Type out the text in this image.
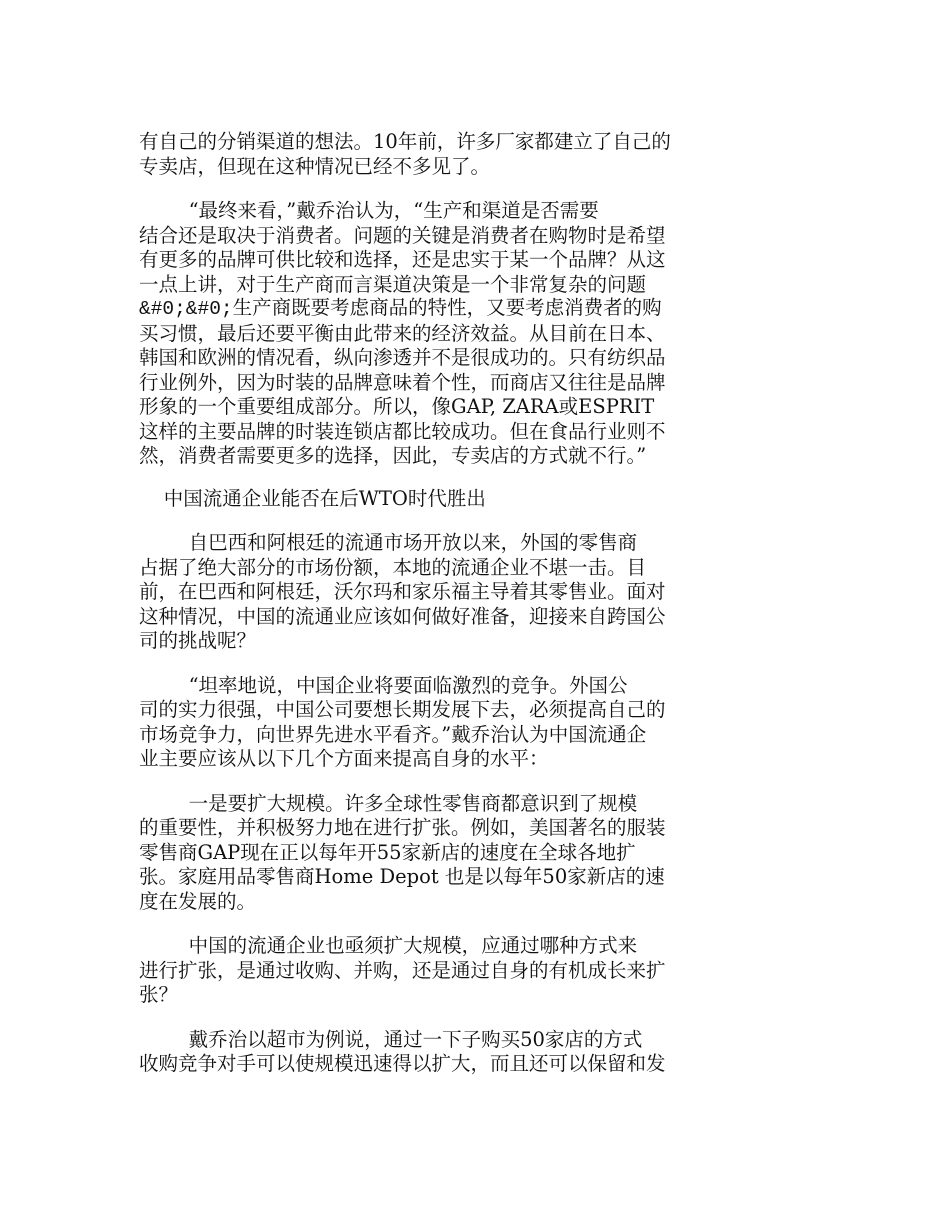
有自己的分销渠道的想法。10年前，许多厂家都建立了自己的
专卖店，但现在这种情况已经不多见了。

“最终来看，”戴乔治认为，“生产和渠道是否需要
结合还是取决于消费者。问题的关键是消费者在购物时是希望
有更多的品牌可供比较和选择，还是忠实于某一个品牌？从这
一点上讲，对于生产商而言渠道决策是一个非常复杂的问题
&#0;&#0;生产商既要考虑商品的特性，又要考虑消费者的购
买习惯，最后还要平衡由此带来的经济效益。从目前在日本、
韩国和欧洲的情况看，纵向渗透并不是很成功的。只有纺织品
行业例外，因为时装的品牌意味着个性，而商店又往往是品牌
形象的一个重要组成部分。所以，像GAP, ZARA或ESPRIT
这样的主要品牌的时装连锁店都比较成功。但在食品行业则不
然，消费者需要更多的选择，因此，专卖店的方式就不行。”

中国流通企业能否在后WTO时代胜出

自巴西和阿根廷的流通市场开放以来，外国的零售商
占据了绝大部分的市场份额，本地的流通企业不堪一击。目
前，在巴西和阿根廷，沃尔玛和家乐福主导着其零售业。面对
这种情况，中国的流通业应该如何做好准备，迎接来自跨国公
司的挑战呢？

“坦率地说，中国企业将要面临激烈的竞争。外国公
司的实力很强，中国公司要想长期发展下去，必须提高自己的
市场竞争力，向世界先进水平看齐。”戴乔治认为中国流通企
业主要应该从以下几个方面来提高自身的水平：

一是要扩大规模。许多全球性零售商都意识到了规模
的重要性，并积极努力地在进行扩张。例如，美国著名的服装
零售商GAP现在正以每年开55家新店的速度在全球各地扩
张。家庭用品零售商Home Depot 也是以每年50家新店的速
度在发展的。

中国的流通企业也亟须扩大规模，应通过哪种方式来
进行扩张，是通过收购、并购，还是通过自身的有机成长来扩
张？

戴乔治以超市为例说，通过一下子购买50家店的方式
收购竞争对手可以使规模迅速得以扩大，而且还可以保留和发
